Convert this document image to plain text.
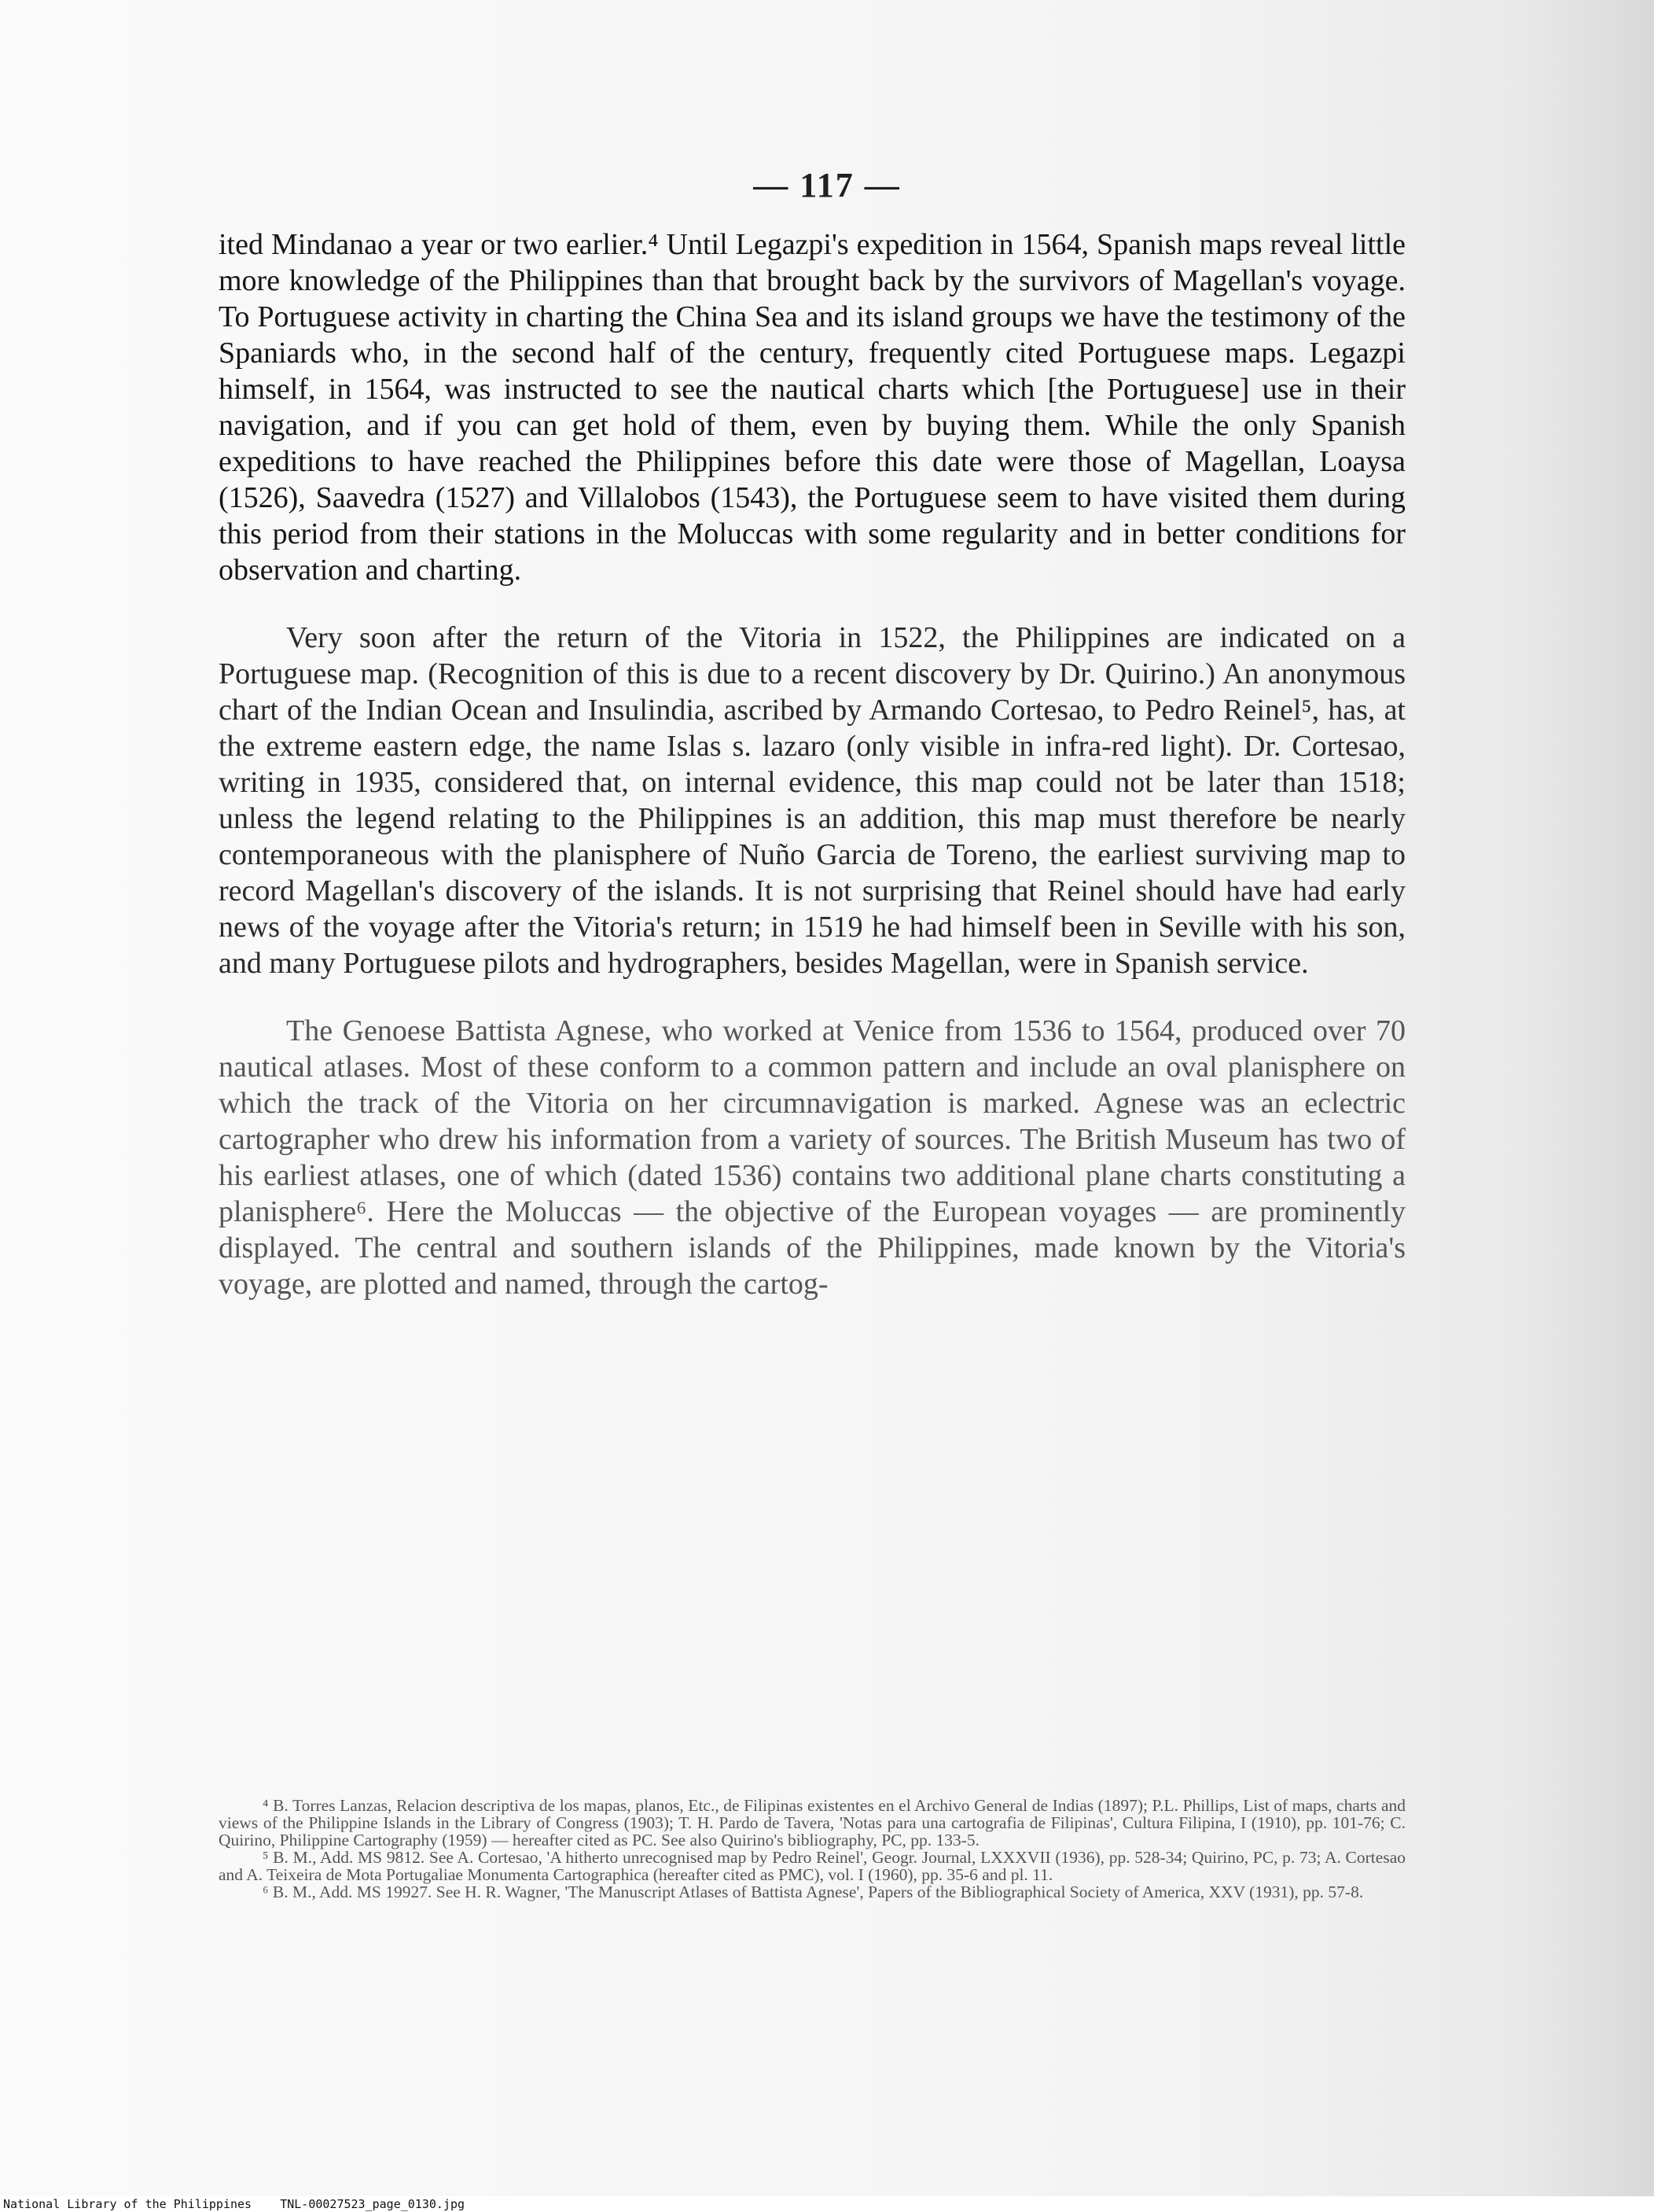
— 117 —

ited Mindanao a year or two earlier.⁴ Until Legazpi's expedition in 1564, Spanish maps reveal little more knowledge of the Philippines than that brought back by the survivors of Magellan's voyage. To Portuguese activity in charting the China Sea and its island groups we have the testimony of the Spaniards who, in the second half of the century, frequently cited Portuguese maps. Legazpi himself, in 1564, was instructed to see the nautical charts which [the Portuguese] use in their navigation, and if you can get hold of them, even by buying them. While the only Spanish expeditions to have reached the Philippines before this date were those of Magellan, Loaysa (1526), Saavedra (1527) and Villalobos (1543), the Portuguese seem to have visited them during this period from their stations in the Moluccas with some regularity and in better conditions for observation and charting.

Very soon after the return of the Vitoria in 1522, the Philippines are indicated on a Portuguese map. (Recognition of this is due to a recent discovery by Dr. Quirino.) An anonymous chart of the Indian Ocean and Insulindia, ascribed by Armando Cortesao, to Pedro Reinel⁵, has, at the extreme eastern edge, the name Islas s. lazaro (only visible in infra-red light). Dr. Cortesao, writing in 1935, considered that, on internal evidence, this map could not be later than 1518; unless the legend relating to the Philippines is an addition, this map must therefore be nearly contemporaneous with the planisphere of Nuño Garcia de Toreno, the earliest surviving map to record Magellan's discovery of the islands. It is not surprising that Reinel should have had early news of the voyage after the Vitoria's return; in 1519 he had himself been in Seville with his son, and many Portuguese pilots and hydrographers, besides Magellan, were in Spanish service.

The Genoese Battista Agnese, who worked at Venice from 1536 to 1564, produced over 70 nautical atlases. Most of these conform to a common pattern and include an oval planisphere on which the track of the Vitoria on her circumnavigation is marked. Agnese was an eclectric cartographer who drew his information from a variety of sources. The British Museum has two of his earliest atlases, one of which (dated 1536) contains two additional plane charts constituting a planisphere⁶. Here the Moluccas — the objective of the European voyages — are prominently displayed. The central and southern islands of the Philippines, made known by the Vitoria's voyage, are plotted and named, through the cartog-

⁴ B. Torres Lanzas, Relacion descriptiva de los mapas, planos, Etc., de Filipinas existentes en el Archivo General de Indias (1897); P.L. Phillips, List of maps, charts and views of the Philippine Islands in the Library of Congress (1903); T. H. Pardo de Tavera, 'Notas para una cartografia de Filipinas', Cultura Filipina, I (1910), pp. 101-76; C. Quirino, Philippine Cartography (1959) — hereafter cited as PC. See also Quirino's bibliography, PC, pp. 133-5.

⁵ B. M., Add. MS 9812. See A. Cortesao, 'A hitherto unrecognised map by Pedro Reinel', Geogr. Journal, LXXXVII (1936), pp. 528-34; Quirino, PC, p. 73; A. Cortesao and A. Teixeira de Mota Portugaliae Monumenta Cartographica (hereafter cited as PMC), vol. I (1960), pp. 35-6 and pl. 11.

⁶ B. M., Add. MS 19927. See H. R. Wagner, 'The Manuscript Atlases of Battista Agnese', Papers of the Bibliographical Society of America, XXV (1931), pp. 57-8.

National Library of the Philippines TNL-00027523_page_0130.jpg
